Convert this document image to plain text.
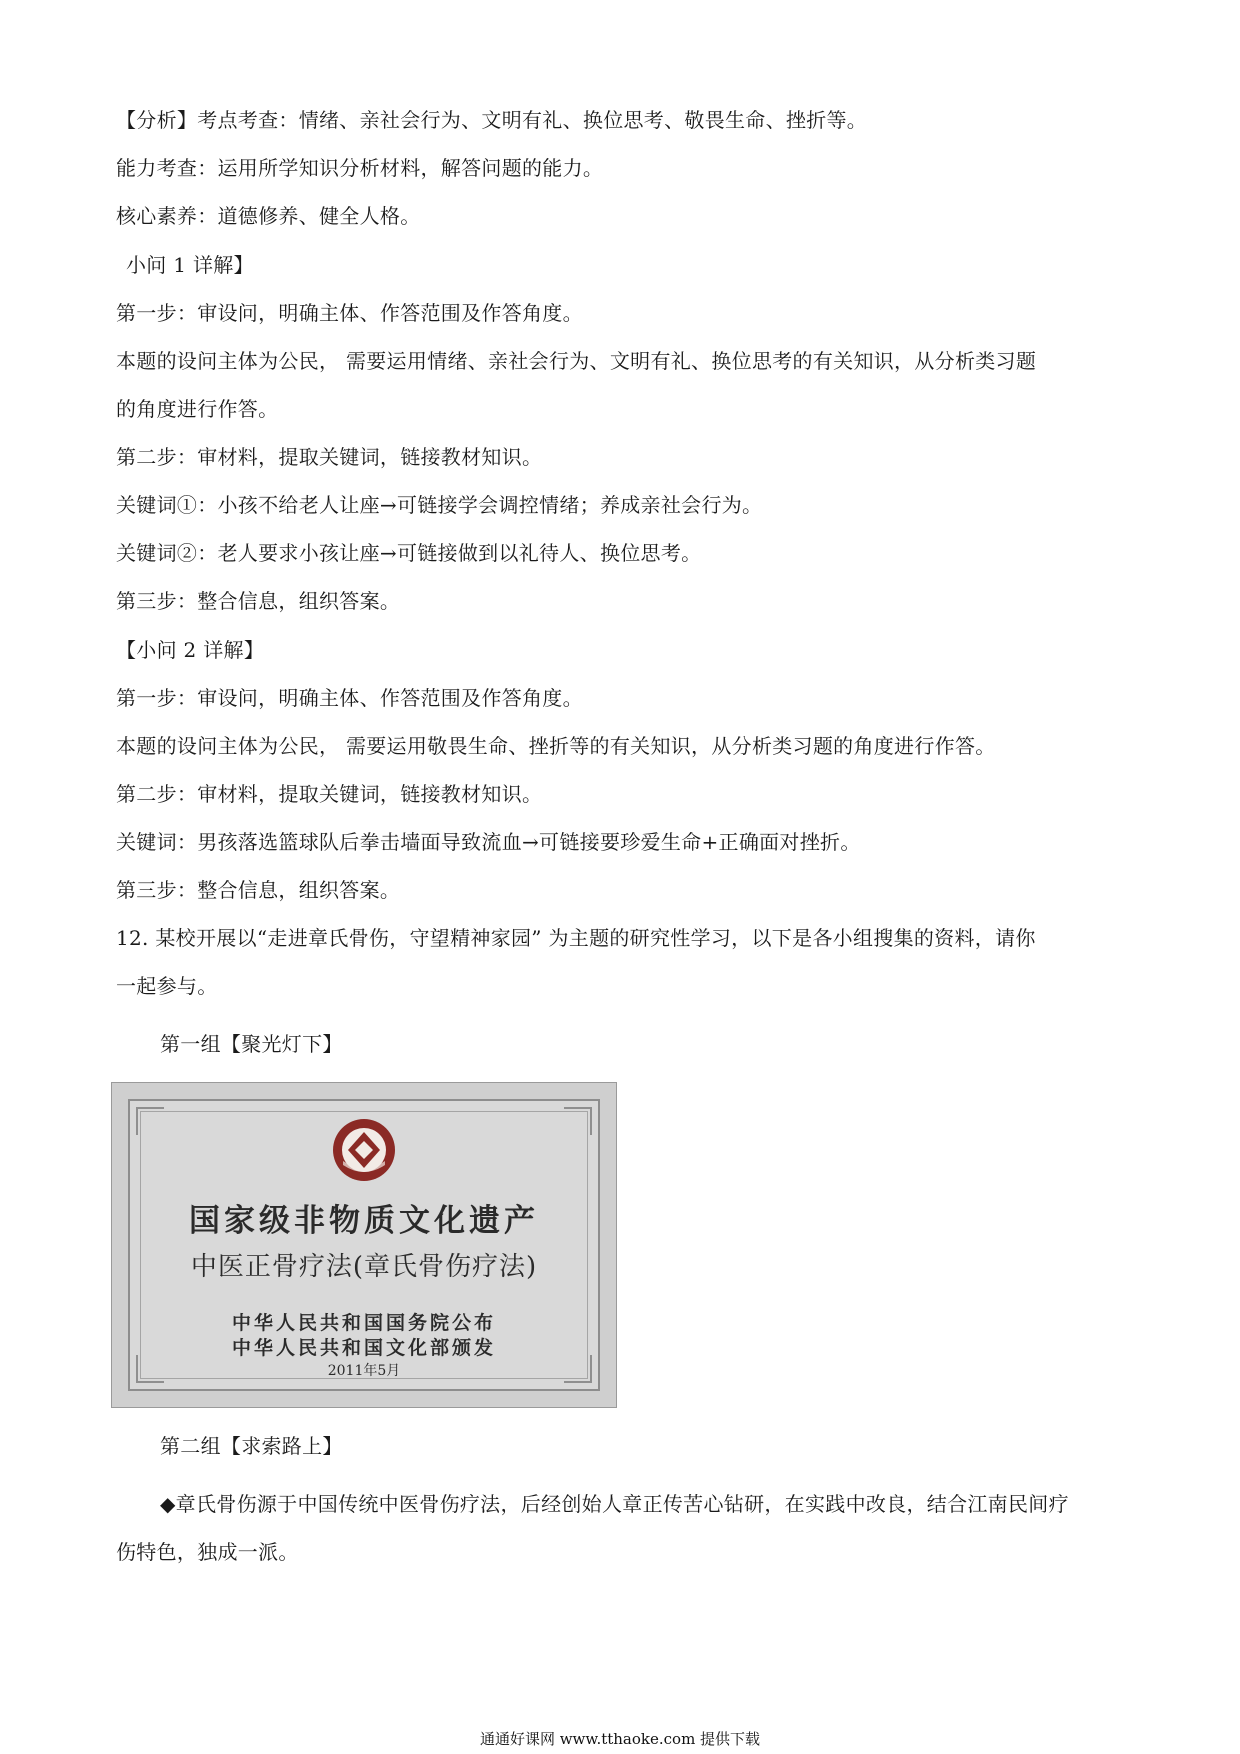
【分析】考点考查：情绪、亲社会行为、文明有礼、换位思考、敬畏生命、挫折等。
能力考查：运用所学知识分析材料，解答问题的能力。
核心素养：道德修养、健全人格。
小问 1 详解】
第一步：审设问，明确主体、作答范围及作答角度。
本题的设问主体为公民， 需要运用情绪、亲社会行为、文明有礼、换位思考的有关知识，从分析类习题
的角度进行作答。
第二步：审材料，提取关键词，链接教材知识。
关键词①：小孩不给老人让座→可链接学会调控情绪；养成亲社会行为。
关键词②：老人要求小孩让座→可链接做到以礼待人、换位思考。
第三步：整合信息，组织答案。
【小问 2 详解】
第一步：审设问，明确主体、作答范围及作答角度。
本题的设问主体为公民， 需要运用敬畏生命、挫折等的有关知识，从分析类习题的角度进行作答。
第二步：审材料，提取关键词，链接教材知识。
关键词：男孩落选篮球队后拳击墙面导致流血→可链接要珍爱生命+正确面对挫折。
第三步：整合信息，组织答案。
12. 某校开展以“走进章氏骨伤，守望精神家园” 为主题的研究性学习，以下是各小组搜集的资料，请你
一起参与。
第一组【聚光灯下】
国家级非物质文化遗产
中医正骨疗法(章氏骨伤疗法)
中华人民共和国国务院公布
中华人民共和国文化部颁发
2011年5月
第二组【求索路上】
◆章氏骨伤源于中国传统中医骨伤疗法，后经创始人章正传苦心钻研，在实践中改良，结合江南民间疗
伤特色，独成一派。
通通好课网 www.tthaoke.com 提供下载
